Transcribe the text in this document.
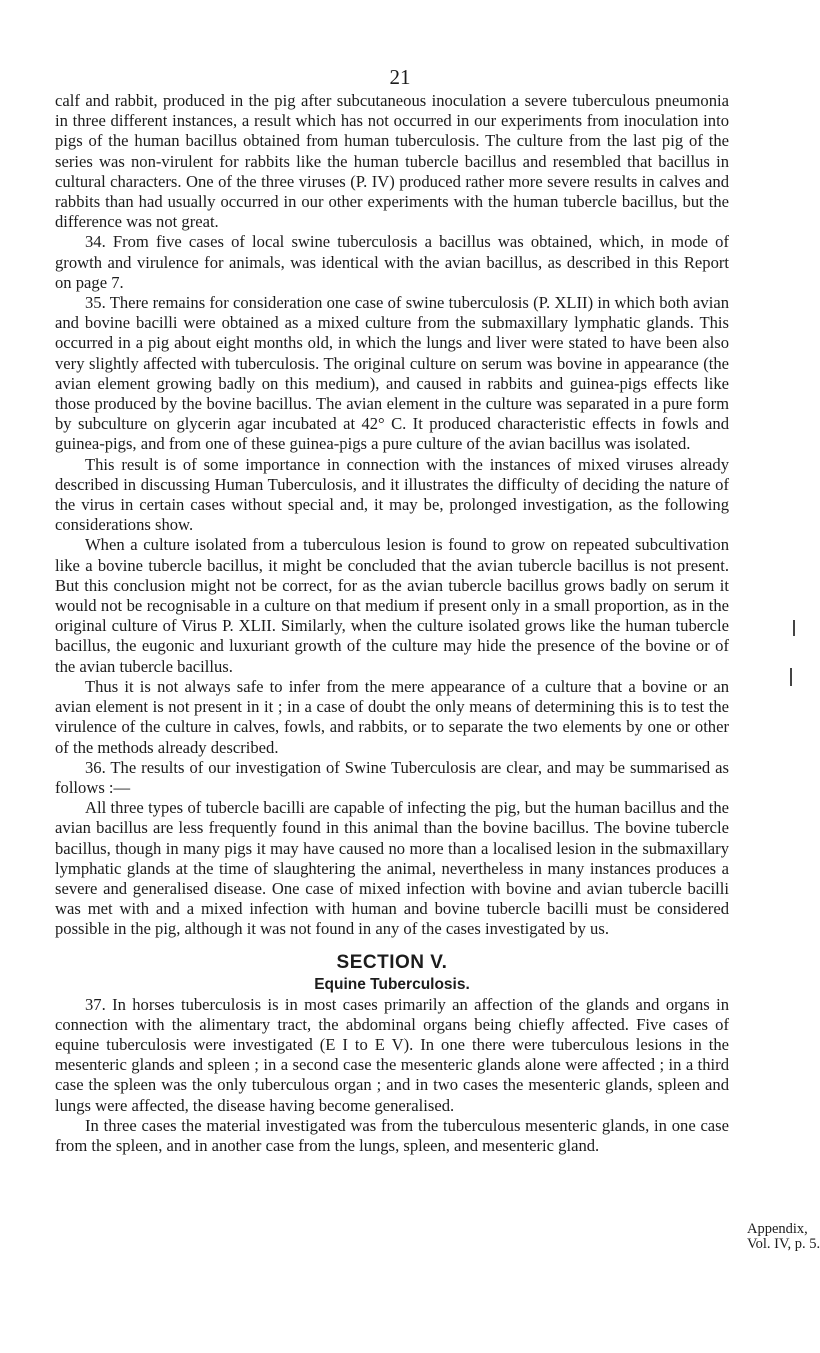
21

calf and rabbit, produced in the pig after subcutaneous inoculation a severe tuberculous pneumonia in three different instances, a result which has not occurred in our experiments from inoculation into pigs of the human bacillus obtained from human tuberculosis. The culture from the last pig of the series was non-virulent for rabbits like the human tubercle bacillus and resembled that bacillus in cultural characters. One of the three viruses (P. IV) produced rather more severe results in calves and rabbits than had usually occurred in our other experiments with the human tubercle bacillus, but the difference was not great.

34. From five cases of local swine tuberculosis a bacillus was obtained, which, in mode of growth and virulence for animals, was identical with the avian bacillus, as described in this Report on page 7.

35. There remains for consideration one case of swine tuberculosis (P. XLII) in which both avian and bovine bacilli were obtained as a mixed culture from the submaxillary lymphatic glands. This occurred in a pig about eight months old, in which the lungs and liver were stated to have been also very slightly affected with tuberculosis. The original culture on serum was bovine in appearance (the avian element growing badly on this medium), and caused in rabbits and guinea-pigs effects like those produced by the bovine bacillus. The avian element in the culture was separated in a pure form by subculture on glycerin agar incubated at 42° C. It produced characteristic effects in fowls and guinea-pigs, and from one of these guinea-pigs a pure culture of the avian bacillus was isolated.

This result is of some importance in connection with the instances of mixed viruses already described in discussing Human Tuberculosis, and it illustrates the difficulty of deciding the nature of the virus in certain cases without special and, it may be, prolonged investigation, as the following considerations show.

When a culture isolated from a tuberculous lesion is found to grow on repeated subcultivation like a bovine tubercle bacillus, it might be concluded that the avian tubercle bacillus is not present. But this conclusion might not be correct, for as the avian tubercle bacillus grows badly on serum it would not be recognisable in a culture on that medium if present only in a small proportion, as in the original culture of Virus P. XLII. Similarly, when the culture isolated grows like the human tubercle bacillus, the eugonic and luxuriant growth of the culture may hide the presence of the bovine or of the avian tubercle bacillus.

Thus it is not always safe to infer from the mere appearance of a culture that a bovine or an avian element is not present in it ; in a case of doubt the only means of determining this is to test the virulence of the culture in calves, fowls, and rabbits, or to separate the two elements by one or other of the methods already described.

36. The results of our investigation of Swine Tuberculosis are clear, and may be summarised as follows :—

All three types of tubercle bacilli are capable of infecting the pig, but the human bacillus and the avian bacillus are less frequently found in this animal than the bovine bacillus. The bovine tubercle bacillus, though in many pigs it may have caused no more than a localised lesion in the submaxillary lymphatic glands at the time of slaughtering the animal, nevertheless in many instances produces a severe and generalised disease. One case of mixed infection with bovine and avian tubercle bacilli was met with and a mixed infection with human and bovine tubercle bacilli must be considered possible in the pig, although it was not found in any of the cases investigated by us.

SECTION V.
Equine Tuberculosis.

37. In horses tuberculosis is in most cases primarily an affection of the glands and organs in connection with the alimentary tract, the abdominal organs being chiefly affected. Five cases of equine tuberculosis were investigated (E I to E V). In one there were tuberculous lesions in the mesenteric glands and spleen ; in a second case the mesenteric glands alone were affected ; in a third case the spleen was the only tuberculous organ ; and in two cases the mesenteric glands, spleen and lungs were affected, the disease having become generalised.

In three cases the material investigated was from the tuberculous mesenteric glands, in one case from the spleen, and in another case from the lungs, spleen, and mesenteric gland.

Appendix,
Vol. IV, p. 5.
